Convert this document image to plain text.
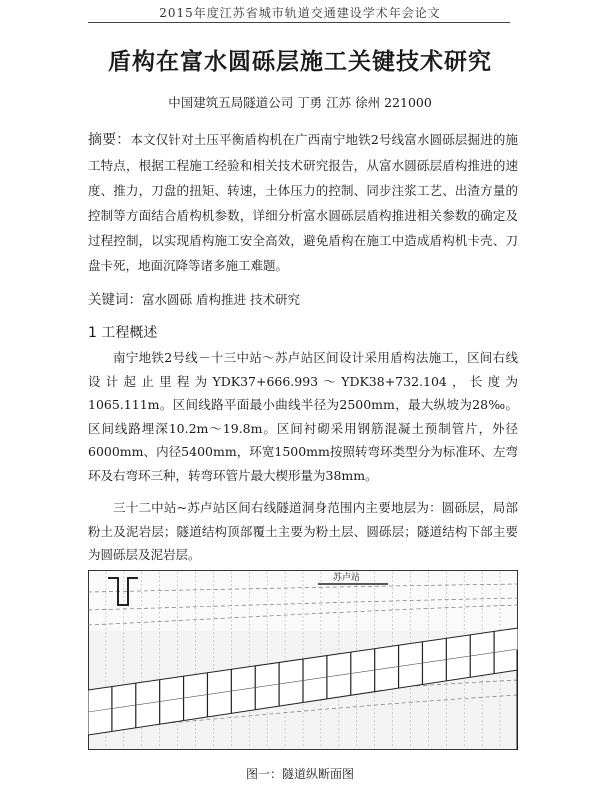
2015年度江苏省城市轨道交通建设学术年会论文
盾构在富水圆砾层施工关键技术研究
中国建筑五局隧道公司 丁勇 江苏 徐州 221000
摘要：本文仅针对土压平衡盾构机在广西南宁地铁2号线富水圆砾层掘进的施工特点，根据工程施工经验和相关技术研究报告，从富水圆砾层盾构推进的速度、推力，刀盘的扭矩、转速，土体压力的控制、同步注浆工艺、出渣方量的控制等方面结合盾构机参数，详细分析富水圆砾层盾构推进相关参数的确定及过程控制，以实现盾构施工安全高效，避免盾构在施工中造成盾构机卡壳、刀盘卡死，地面沉降等诸多施工难题。
关键词：富水圆砾 盾构推进 技术研究
1 工程概述
南宁地铁2号线－十三中站～苏卢站区间设计采用盾构法施工，区间右线设计起止里程为YDK37+666.993～YDK38+732.104，长度为1065.111m。区间线路平面最小曲线半径为2500mm，最大纵坡为28‰。区间线路埋深10.2m～19.8m。区间衬砌采用钢筋混凝土预制管片，外径6000mm、内径5400mm，环宽1500mm按照转弯环类型分为标准环、左弯环及右弯环三种，转弯环管片最大楔形量为38mm。
三十二中站~苏卢站区间右线隧道洞身范围内主要地层为：圆砾层，局部粉土及泥岩层；隧道结构顶部覆土主要为粉土层、圆砾层；隧道结构下部主要为圆砾层及泥岩层。
苏卢站
图一：隧道纵断面图
